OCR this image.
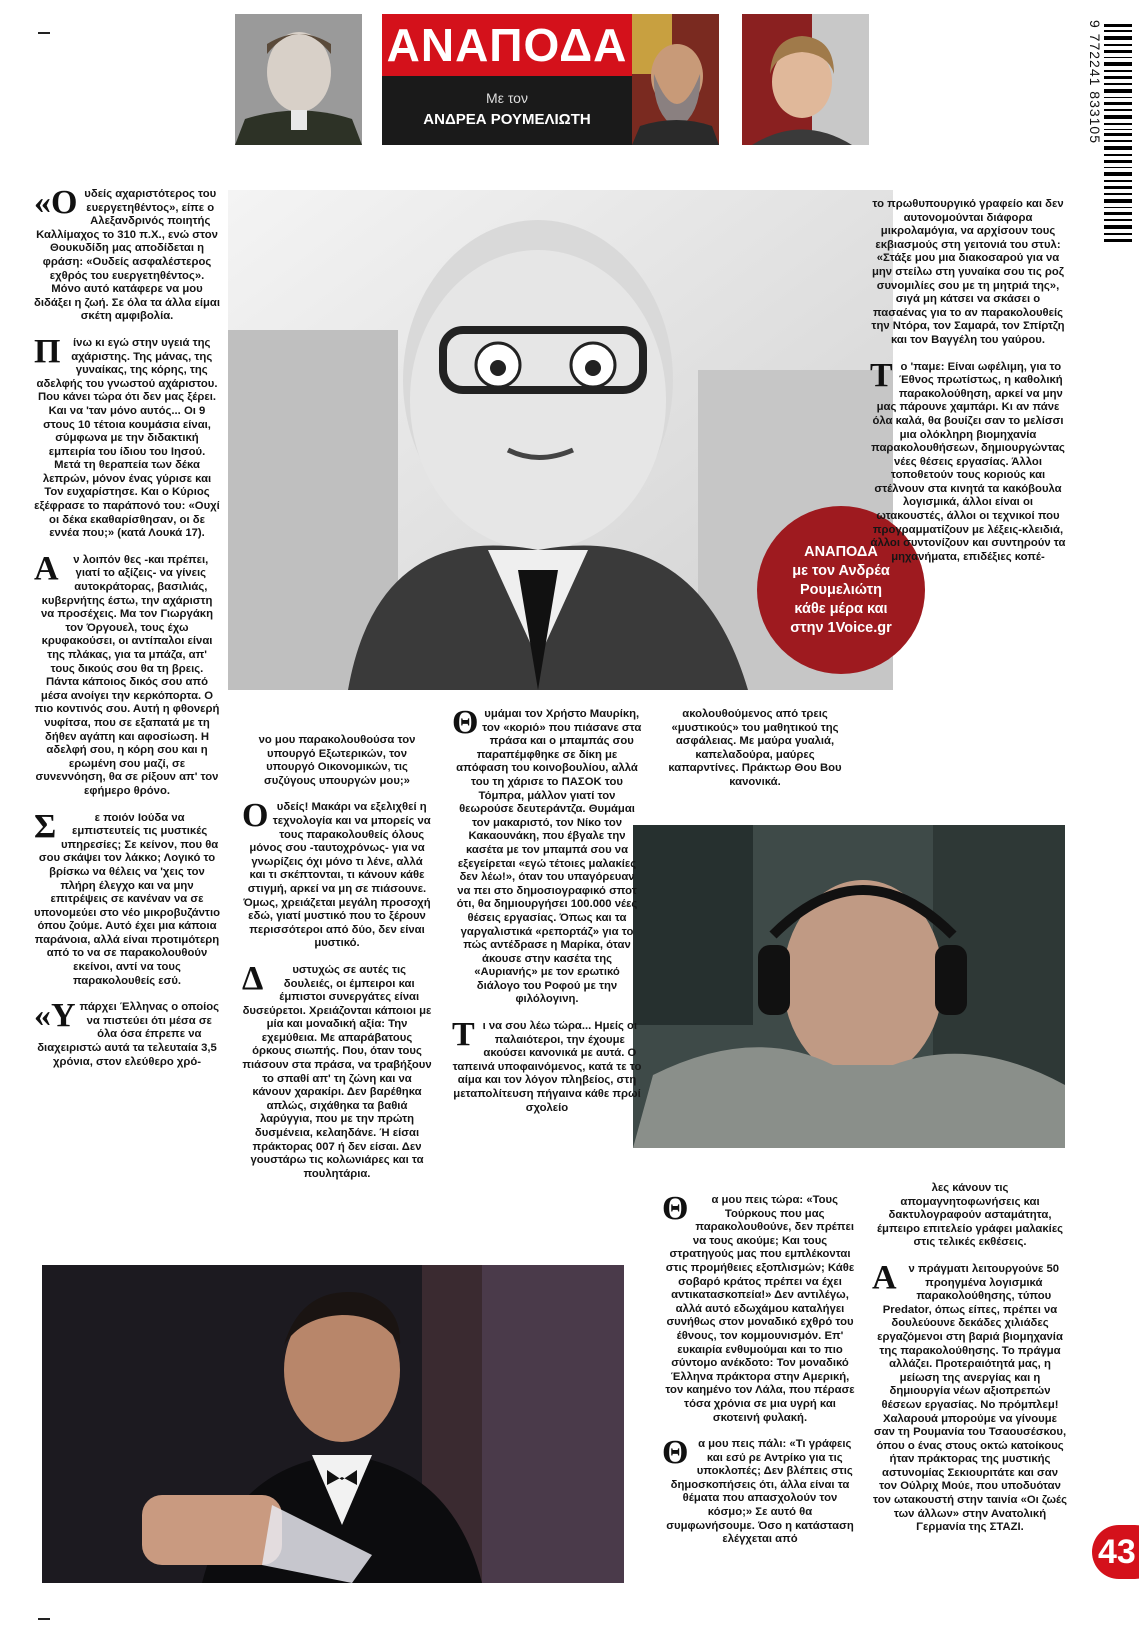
ΑΝΑΠΟΔΑ
Με τον
ΑΝΔΡΕΑ ΡΟΥΜΕΛΙΩΤΗ	9 772241 833105
ΑΝΑΠΟΔΑ
με τον Ανδρέα
Ρουμελιώτη
κάθε μέρα και
στην 1Voice.gr

«Ουδείς αχαριστότερος του ευεργετηθέντος», είπε ο Αλεξανδρινός ποιητής Καλλίμαχος το 310 π.Χ., ενώ στον Θουκυδίδη μας αποδίδεται η φράση: «Ουδείς ασφαλέστερος εχθρός του ευεργετηθέντος». Μόνο αυτό κατάφερε να μου διδάξει η ζωή. Σε όλα τα άλλα είμαι σκέτη αμφιβολία.

Π ίνω κι εγώ στην υγειά της αχάριστης. Της μάνας, της γυναίκας, της κόρης, της αδελφής του γνωστού αχάριστου. Που κάνει τώρα ότι δεν μας ξέρει. Και να 'ταν μόνο αυτός... Οι 9 στους 10 τέτοια κουμάσια είναι, σύμφωνα με την διδακτική εμπειρία του ίδιου του Ιησού. Μετά τη θεραπεία των δέκα λεπρών, μόνον ένας γύρισε και Τον ευχαρίστησε. Και ο Κύριος εξέφρασε το παράπονό του: «Ουχί οι δέκα εκαθαρίσθησαν, οι δε εννέα που;» (κατά Λουκά 17).

Α ν λοιπόν θες -και πρέπει, γιατί το αξίζεις- να γίνεις αυτοκράτορας, βασιλιάς, κυβερνήτης έστω, την αχάριστη να προσέχεις. Μα τον Γιωργάκη τον Όργουελ, τους έχω κρυφακούσει, οι αντίπαλοι είναι της πλάκας, για τα μπάζα, απ' τους δικούς σου θα τη βρεις. Πάντα κάποιος δικός σου από μέσα ανοίγει την κερκόπορτα. Ο πιο κοντινός σου. Αυτή η φθονερή νυφίτσα, που σε εξαπατά με τη δήθεν αγάπη και αφοσίωση. Η αδελφή σου, η κόρη σου και η ερωμένη σου μαζί, σε συνεννόηση, θα σε ρίξουν απ' τον εφήμερο θρόνο.

Σ	ε ποιόν Ιούδα να εμπιστευτείς τις μυστικές υπηρεσίες; Σε κείνον, που θα σου σκάψει τον λάκκο; Λογικό το βρίσκω να θέλεις να 'χεις τον πλήρη έλεγχο και να μην επιτρέψεις σε κανέναν να σε υπονομεύει στο νέο μικροβυζάντιο όπου ζούμε. Αυτό έχει μια κάποια παράνοια, αλλά είναι προτιμότερη από το να σε παρακολουθούν εκείνοι, αντί να τους παρακολουθείς εσύ.

«Υπάρχει Έλληνας ο οποίος να πιστεύει ότι μέσα σε όλα όσα έπρεπε να διαχειριστώ αυτά τα τελευταία 3,5 χρόνια, στον ελεύθερο χρό-

νο μου παρακολουθούσα τον υπουργό Εξωτερικών, τον υπουργό Οικονομικών, τις συζύγους υπουργών μου;»

Ουδείς! Μακάρι να εξελιχθεί η τεχνολογία και να μπορείς να τους παρακολουθείς όλους μόνος σου -ταυτοχρόνως- για να γνωρίζεις όχι μόνο τι λένε, αλλά και τι σκέπτονται, τι κάνουν κάθε στιγμή, αρκεί να μη σε πιάσουνε. Όμως, χρειάζεται μεγάλη προσοχή εδώ, γιατί μυστικό που το ξέρουν περισσότεροι από δύο, δεν είναι μυστικό.

Δ	υστυχώς σε αυτές τις δουλειές, οι έμπειροι και έμπιστοι συνεργάτες είναι δυσεύρετοι. Χρειάζονται κάποιοι με μία και μοναδική αξία: Την εχεμύθεια. Με απαράβατους όρκους σιωπής. Που, όταν τους πιάσουν στα πράσα, να τραβήξουν το σπαθί απ' τη ζώνη και να κάνουν χαρακίρι. Δεν βαρέθηκα απλώς, σιχάθηκα τα βαθιά λαρύγγια, που με την πρώτη δυσμένεια, κελαηδάνε. Ή είσαι πράκτορας 007 ή δεν είσαι. Δεν γουστάρω τις κολωνιάρες και τα πουλητάρια.

Θυμάμαι τον Χρήστο Μαυρίκη, τον «κοριό» που πιάσανε στα πράσα και ο μπαμπάς σου παραπέμφθηκε σε δίκη με απόφαση του κοινοβουλίου, αλλά του τη χάρισε το ΠΑΣΟΚ του Τόμπρα, μάλλον γιατί τον θεωρούσε δευτεράντζα. Θυμάμαι τον μακαριστό, τον Νίκο τον Κακαουνάκη, που έβγαλε την κασέτα με τον μπαμπά σου να εξεγείρεται «εγώ τέτοιες μαλακίες δεν λέω!», όταν του υπαγόρευαν να πει στο δημοσιογραφικό σποτ ότι, θα δημιουργήσει 100.000 νέες θέσεις εργασίας. Όπως και τα γαργαλιστικά «ρεπορτάζ» για το πώς αντέδρασε η Μαρίκα, όταν άκουσε στην κασέτα της «Αυριανής» με τον ερωτικό διάλογο του Ροφού με την φιλόλογινη.

Τι να σου λέω τώρα... Ημείς οι παλαιότεροι, την έχουμε ακούσει κανονικά με αυτά. Ο ταπεινά υποφαινόμενος, κατά τε το αίμα και τον λόγον πληβείος, στη μεταπολίτευση πήγαινα κάθε πρωί σχολείο

ακολουθούμενος από τρεις «μυστικούς» του μαθητικού της ασφάλειας. Με μαύρα γυαλιά, καπελαδούρα, μαύρες καπαρντίνες. Πράκτωρ Θου Βου κανονικά.

το πρωθυπουργικό γραφείο και δεν αυτονομούνται διάφορα μικρολαμόγια, να αρχίσουν τους εκβιασμούς στη γειτονιά του στυλ: «Στάξε μου μια διακοσαρού για να μην στείλω στη γυναίκα σου τις ροζ συνομιλίες σου με τη μητριά της», σιγά μη κάτσει να σκάσει ο πασαένας για το αν παρακολουθείς την Ντόρα, τον Σαμαρά, τον Σπίρτζη και τον Βαγγέλη του γαύρου.

Το 'παμε: Είναι ωφέλιμη, για το Έθνος πρωτίστως, η καθολική παρακολούθηση, αρκεί να μην μας πάρουνε χαμπάρι. Κι αν πάνε όλα καλά, θα βουίζει σαν το μελίσσι μια ολόκληρη βιομηχανία παρακολουθήσεων, δημιουργώντας νέες θέσεις εργασίας. Άλλοι τοποθετούν τους κοριούς και στέλνουν στα κινητά τα κακόβουλα λογισμικά, άλλοι είναι οι ωτακουστές, άλλοι οι τεχνικοί που προγραμματίζουν με λέξεις-κλειδιά, άλλοι συντονίζουν και συντηρούν τα μηχανήματα, επιδέξιες κοπέ-

Θ α μου πεις τώρα: «Τους Τούρκους που μας παρακολουθούνε, δεν πρέπει να τους ακούμε; Και τους στρατηγούς μας που εμπλέκονται στις προμήθειες εξοπλισμών; Κάθε σοβαρό κράτος πρέπει να έχει αντικατασκοπεία!» Δεν αντιλέγω, αλλά αυτό εδωχάμου καταλήγει συνήθως στον μοναδικό εχθρό του έθνους, τον κομμουνισμόν. Επ' ευκαιρία ενθυμούμαι και το πιο σύντομο ανέκδοτο: Τον μοναδικό Έλληνα πράκτορα στην Αμερική, τον καημένο τον Λάλα, που πέρασε τόσα χρόνια σε μια υγρή και σκοτεινή φυλακή.

Θα μου πεις πάλι: «Τι γράφεις και εσύ ρε Αντρίκο για τις υποκλοπές; Δεν βλέπεις στις δημοσκοπήσεις ότι, άλλα είναι τα θέματα που απασχολούν τον κόσμο;» Σε αυτό θα συμφωνήσουμε. Όσο η κατάσταση ελέγχεται από

λες κάνουν τις απομαγνητοφωνήσεις και δακτυλογραφούν ασταμάτητα, έμπειρο επιτελείο γράφει μαλακίες στις τελικές εκθέσεις.

Α ν πράγματι λειτουργούνε 50 προηγμένα λογισμικά παρακολούθησης, τύπου Predator, όπως είπες, πρέπει να δουλεύουνε δεκάδες χιλιάδες εργαζόμενοι στη βαριά βιομηχανία της παρακολούθησης. Το πράγμα αλλάζει. Προτεραιότητά μας, η μείωση της ανεργίας και η δημιουργία νέων αξιοπρεπών θέσεων εργασίας. Νο πρόμπλεμ! Χαλαρουά μπορούμε να γίνουμε σαν τη Ρουμανία του Τσαουσέσκου, όπου ο ένας στους οκτώ κατοίκους ήταν πράκτορας της μυστικής αστυνομίας Σεκιουριτάτε και σαν τον Ούλριχ Μούε, που υποδυόταν τον ωτακουστή στην ταινία «Οι ζωές των άλλων» στην Ανατολική Γερμανία της ΣΤΑΖΙ.

43
